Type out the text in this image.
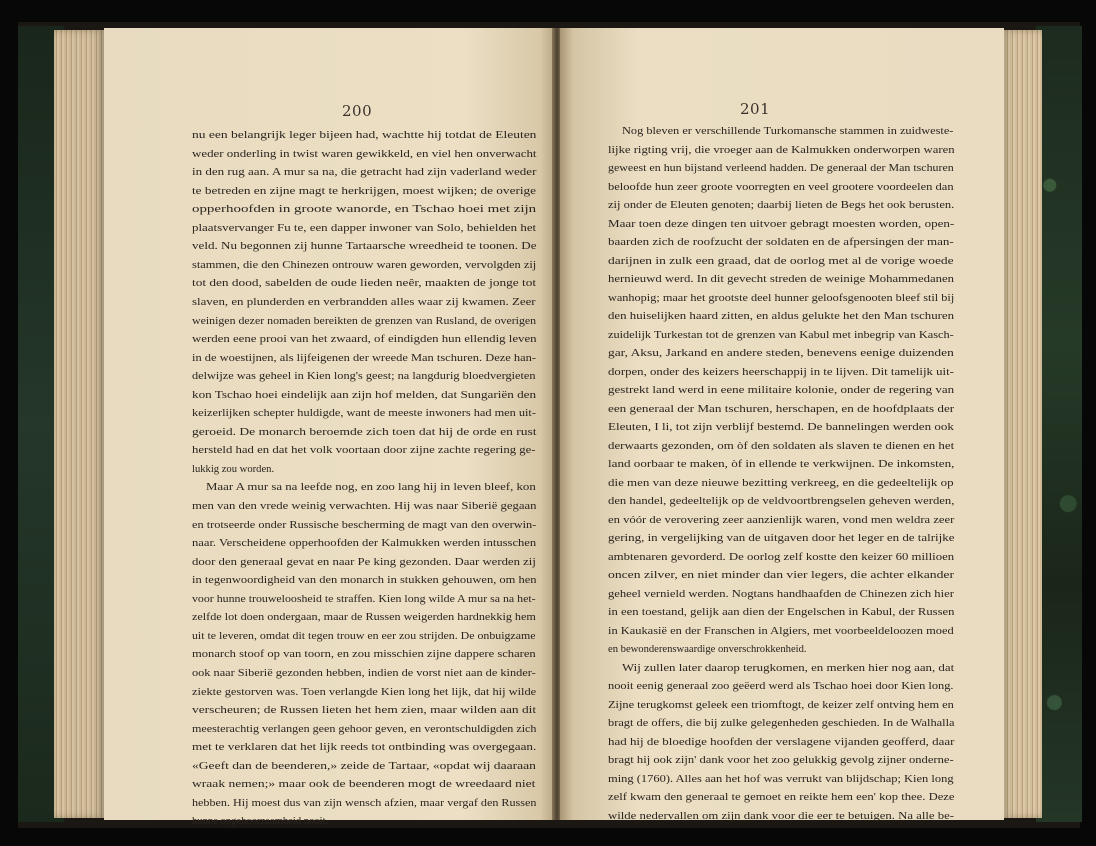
200
nu een belangrijk leger bijeen had, wachtte hij totdat de Eleuten
weder onderling in twist waren gewikkeld, en viel hen onverwacht
in den rug aan. A mur sa na, die getracht had zijn vaderland weder
te betreden en zijne magt te herkrijgen, moest wijken; de overige
opperhoofden in groote wanorde, en Tschao hoei met zijn
plaatsvervanger Fu te, een dapper inwoner van Solo, behielden het
veld. Nu begonnen zij hunne Tartaarsche wreedheid te toonen. De
stammen, die den Chinezen ontrouw waren geworden, vervolgden zij
tot den dood, sabelden de oude lieden neêr, maakten de jonge tot
slaven, en plunderden en verbrandden alles waar zij kwamen. Zeer
weinigen dezer nomaden bereikten de grenzen van Rusland, de overigen
werden eene prooi van het zwaard, of eindigden hun ellendig leven
in de woestijnen, als lijfeigenen der wreede Man tschuren. Deze han-
delwijze was geheel in Kien long's geest; na langdurig bloedvergieten
kon Tschao hoei eindelijk aan zijn hof melden, dat Sungariën den
keizerlijken schepter huldigde, want de meeste inwoners had men uit-
geroeid. De monarch beroemde zich toen dat hij de orde en rust
hersteld had en dat het volk voortaan door zijne zachte regering ge-
lukkig zou worden.
Maar A mur sa na leefde nog, en zoo lang hij in leven bleef, kon
men van den vrede weinig verwachten. Hij was naar Siberië gegaan
en trotseerde onder Russische bescherming de magt van den overwin-
naar. Verscheidene opperhoofden der Kalmukken werden intusschen
door den generaal gevat en naar Pe king gezonden. Daar werden zij
in tegenwoordigheid van den monarch in stukken gehouwen, om hen
voor hunne trouweloosheid te straffen. Kien long wilde A mur sa na het-
zelfde lot doen ondergaan, maar de Russen weigerden hardnekkig hem
uit te leveren, omdat dit tegen trouw en eer zou strijden. De onbuigzame
monarch stoof op van toorn, en zou misschien zijne dappere scharen
ook naar Siberië gezonden hebben, indien de vorst niet aan de kinder-
ziekte gestorven was. Toen verlangde Kien long het lijk, dat hij wilde
verscheuren; de Russen lieten het hem zien, maar wilden aan dit
meesterachtig verlangen geen gehoor geven, en verontschuldigden zich
met te verklaren dat het lijk reeds tot ontbinding was overgegaan.
«Geeft dan de beenderen,» zeide de Tartaar, «opdat wij daaraan
wraak nemen;» maar ook de beenderen mogt de wreedaard niet
hebben. Hij moest dus van zijn wensch afzien, maar vergaf den Russen
hunne ongehoorzaamheid nooit.
201
Nog bleven er verschillende Turkomansche stammen in zuidweste-
lijke rigting vrij, die vroeger aan de Kalmukken onderworpen waren
geweest en hun bijstand verleend hadden. De generaal der Man tschuren
beloofde hun zeer groote voorregten en veel grootere voordeelen dan
zij onder de Eleuten genoten; daarbij lieten de Begs het ook berusten.
Maar toen deze dingen ten uitvoer gebragt moesten worden, open-
baarden zich de roofzucht der soldaten en de afpersingen der man-
darijnen in zulk een graad, dat de oorlog met al de vorige woede
hernieuwd werd. In dit gevecht streden de weinige Mohammedanen
wanhopig; maar het grootste deel hunner geloofsgenooten bleef stil bij
den huiselijken haard zitten, en aldus gelukte het den Man tschuren
zuidelijk Turkestan tot de grenzen van Kabul met inbegrip van Kasch-
gar, Aksu, Jarkand en andere steden, benevens eenige duizenden
dorpen, onder des keizers heerschappij in te lijven. Dit tamelijk uit-
gestrekt land werd in eene militaire kolonie, onder de regering van
een generaal der Man tschuren, herschapen, en de hoofdplaats der
Eleuten, I li, tot zijn verblijf bestemd. De bannelingen werden ook
derwaarts gezonden, om òf den soldaten als slaven te dienen en het
land oorbaar te maken, òf in ellende te verkwijnen. De inkomsten,
die men van deze nieuwe bezitting verkreeg, en die gedeeltelijk op
den handel, gedeeltelijk op de veldvoortbrengselen geheven werden,
en vóór de verovering zeer aanzienlijk waren, vond men weldra zeer
gering, in vergelijking van de uitgaven door het leger en de talrijke
ambtenaren gevorderd. De oorlog zelf kostte den keizer 60 millioen
oncen zilver, en niet minder dan vier legers, die achter elkander
geheel vernield werden. Nogtans handhaafden de Chinezen zich hier
in een toestand, gelijk aan dien der Engelschen in Kabul, der Russen
in Kaukasië en der Franschen in Algiers, met voorbeeldeloozen moed
en bewonderenswaardige onverschrokkenheid.
Wij zullen later daarop terugkomen, en merken hier nog aan, dat
nooit eenig generaal zoo geëerd werd als Tschao hoei door Kien long.
Zijne terugkomst geleek een triomftogt, de keizer zelf ontving hem en
bragt de offers, die bij zulke gelegenheden geschieden. In de Walhalla
had hij de bloedige hoofden der verslagene vijanden geofferd, daar
bragt hij ook zijn' dank voor het zoo gelukkig gevolg zijner onderne-
ming (1760). Alles aan het hof was verrukt van blijdschap; Kien long
zelf kwam den generaal te gemoet en reikte hem een' kop thee. Deze
wilde nedervallen om zijn dank voor die eer te betuigen. Na alle be-
